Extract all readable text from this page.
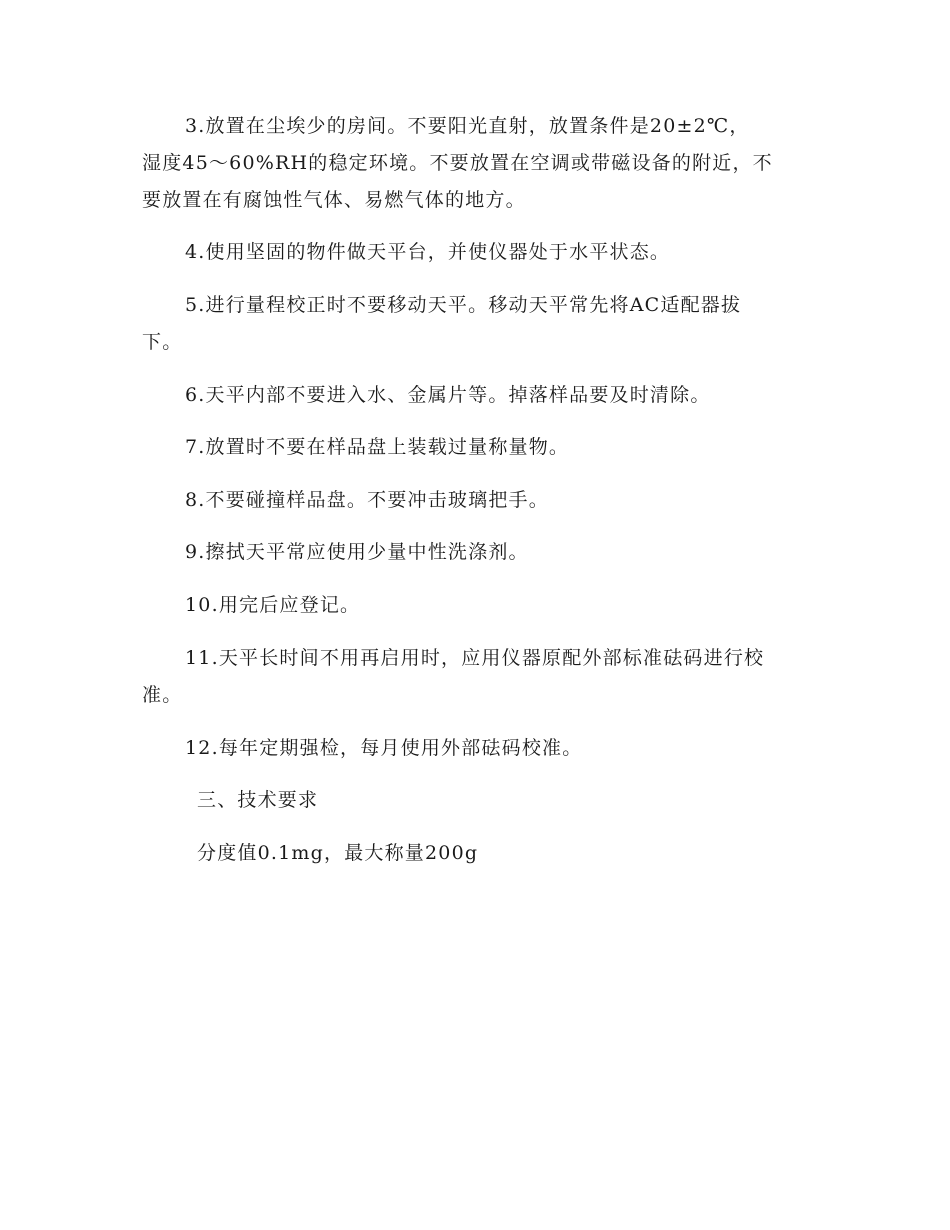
3.放置在尘埃少的房间。不要阳光直射，放置条件是20±2℃，
湿度45～60%RH的稳定环境。不要放置在空调或带磁设备的附近，不
要放置在有腐蚀性气体、易燃气体的地方。
4.使用坚固的物件做天平台，并使仪器处于水平状态。
5.进行量程校正时不要移动天平。移动天平常先将AC适配器拔
下。
6.天平内部不要进入水、金属片等。掉落样品要及时清除。
7.放置时不要在样品盘上装载过量称量物。
8.不要碰撞样品盘。不要冲击玻璃把手。
9.擦拭天平常应使用少量中性洗涤剂。
10.用完后应登记。
11.天平长时间不用再启用时，应用仪器原配外部标准砝码进行校
准。
12.每年定期强检，每月使用外部砝码校准。
三、技术要求
分度值0.1mg，最大称量200g
